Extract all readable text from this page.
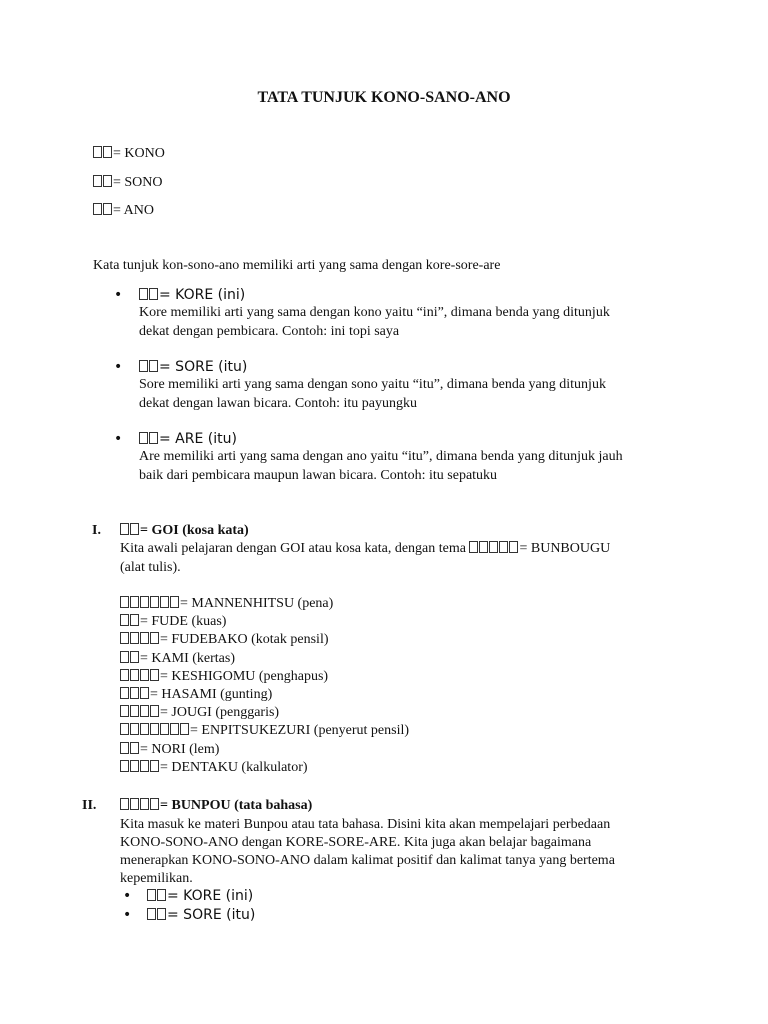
TATA TUNJUK KONO-SANO-ANO
= KONO
= SONO
= ANO
Kata tunjuk kon-sono-ano memiliki arti yang sama dengan kore-sore-are
•	= KORE (ini)
Kore memiliki arti yang sama dengan kono yaitu “ini”, dimana benda yang ditunjuk
dekat dengan pembicara. Contoh: ini topi saya
•	= SORE (itu)
Sore memiliki arti yang sama dengan sono yaitu “itu”, dimana benda yang ditunjuk
dekat dengan lawan bicara. Contoh: itu payungku
•	= ARE (itu)
Are memiliki arti yang sama dengan ano yaitu “itu”, dimana benda yang ditunjuk jauh
baik dari pembicara maupun lawan bicara. Contoh: itu sepatuku
I.	= GOI (kosa kata)
Kita awali pelajaran dengan GOI atau kosa kata, dengan tema	= BUNBOUGU
(alat tulis).
= MANNENHITSU (pena)
= FUDE (kuas)
= FUDEBAKO (kotak pensil)
= KAMI (kertas)
= KESHIGOMU (penghapus)
= HASAMI (gunting)
= JOUGI (penggaris)
= ENPITSUKEZURI (penyerut pensil)
= NORI (lem)
= DENTAKU (kalkulator)
II.	= BUNPOU (tata bahasa)
Kita masuk ke materi Bunpou atau tata bahasa. Disini kita akan mempelajari perbedaan
KONO-SONO-ANO dengan KORE-SORE-ARE. Kita juga akan belajar bagaimana
menerapkan KONO-SONO-ANO dalam kalimat positif dan kalimat tanya yang bertema
kepemilikan.
•	= KORE (ini)
•	= SORE (itu)
